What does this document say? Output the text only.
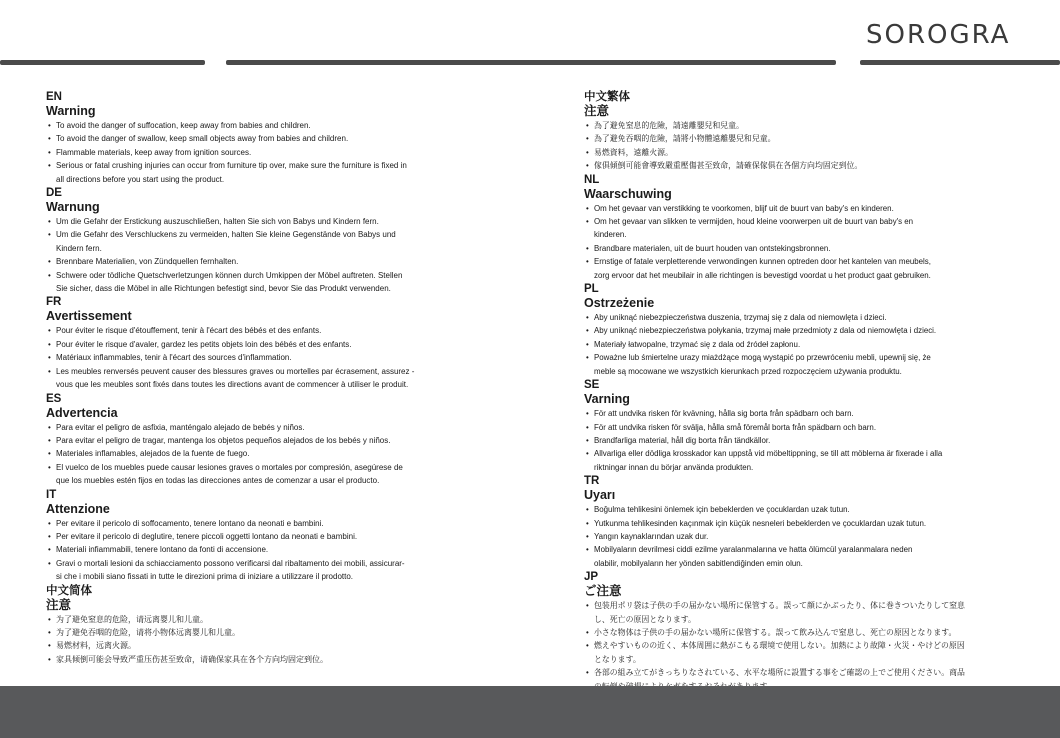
SOROGRA
EN
Warning
• To avoid the danger of suffocation, keep away from babies and children.
• To avoid the danger of swallow, keep small objects away from babies and children.
• Flammable materials, keep away from ignition sources.
• Serious or fatal crushing injuries can occur from furniture tip over, make sure the furniture is fixed in
all directions before you start using the product.
DE
Warnung
• Um die Gefahr der Erstickung auszuschließen, halten Sie sich von Babys und Kindern fern.
• Um die Gefahr des Verschluckens zu vermeiden, halten Sie kleine Gegenstände von Babys und
Kindern fern.
• Brennbare Materialien, von Zündquellen fernhalten.
• Schwere oder tödliche Quetschverletzungen können durch Umkippen der Möbel auftreten. Stellen
Sie sicher, dass die Möbel in alle Richtungen befestigt sind, bevor Sie das Produkt verwenden.
FR
Avertissement
• Pour éviter le risque d'étouffement, tenir à l'écart des bébés et des enfants.
• Pour éviter le risque d'avaler, gardez les petits objets loin des bébés et des enfants.
• Matériaux inflammables, tenir à l'écart des sources d'inflammation.
• Les meubles renversés peuvent causer des blessures graves ou mortelles par écrasement, assurez -
vous que les meubles sont fixés dans toutes les directions avant de commencer à utiliser le produit.
ES
Advertencia
• Para evitar el peligro de asfixia, manténgalo alejado de bebés y niños.
• Para evitar el peligro de tragar, mantenga los objetos pequeños alejados de los bebés y niños.
• Materiales inflamables, alejados de la fuente de fuego.
• El vuelco de los muebles puede causar lesiones graves o mortales por compresión, asegúrese de
que los muebles estén fijos en todas las direcciones antes de comenzar a usar el producto.
IT
Attenzione
• Per evitare il pericolo di soffocamento, tenere lontano da neonati e bambini.
• Per evitare il pericolo di deglutire, tenere piccoli oggetti lontano da neonati e bambini.
• Materiali infiammabili, tenere lontano da fonti di accensione.
• Gravi o mortali lesioni da schiacciamento possono verificarsi dal ribaltamento dei mobili, assicurar-
si che i mobili siano fissati in tutte le direzioni prima di iniziare a utilizzare il prodotto.
中文简体
注意
• 为了避免窒息的危险，请远离婴儿和儿童。
• 为了避免吞咽的危险，请将小物体远离婴儿和儿童。
• 易燃材料，远离火源。
• 家具倾倒可能会导致严重压伤甚至致命，请确保家具在各个方向均固定到位。
中文繁体
注意
• 為了避免窒息的危險，請遠離嬰兒和兒童。
• 為了避免吞咽的危險，請將小物體遠離嬰兒和兒童。
• 易燃資料，遠離火源。
• 傢俱傾倒可能會導致嚴重壓傷甚至致命，請確保傢俱在各個方向均固定到位。
NL
Waarschuwing
• Om het gevaar van verstikking te voorkomen, blijf uit de buurt van baby's en kinderen.
• Om het gevaar van slikken te vermijden, houd kleine voorwerpen uit de buurt van baby's en
kinderen.
• Brandbare materialen, uit de buurt houden van ontstekingsbronnen.
• Ernstige of fatale verpletterende verwondingen kunnen optreden door het kantelen van meubels,
zorg ervoor dat het meubilair in alle richtingen is bevestigd voordat u het product gaat gebruiken.
PL
Ostrzeżenie
• Aby uniknąć niebezpieczeństwa duszenia, trzymaj się z dala od niemowlęta i dzieci.
• Aby uniknąć niebezpieczeństwa połykania, trzymaj małe przedmioty z dala od niemowlęta i dzieci.
• Materiały łatwopalne, trzymać się z dala od źródeł zapłonu.
• Poważne lub śmiertelne urazy miażdżące mogą wystąpić po przewróceniu mebli, upewnij się, że
meble są mocowane we wszystkich kierunkach przed rozpoczęciem używania produktu.
SE
Varning
• För att undvika risken för kvävning, hålla sig borta från spädbarn och barn.
• För att undvika risken för svälja, hålla små föremål borta från spädbarn och barn.
• Brandfarliga material, håll dig borta från tändkällor.
• Allvarliga eller dödliga krosskador kan uppstå vid möbeltippning, se till att möblerna är fixerade i alla
riktningar innan du börjar använda produkten.
TR
Uyarı
• Boğulma tehlikesini önlemek için bebeklerden ve çocuklardan uzak tutun.
• Yutkunma tehlikesinden kaçınmak için küçük nesneleri bebeklerden ve çocuklardan uzak tutun.
• Yangın kaynaklarından uzak dur.
• Mobilyaların devrilmesi ciddi ezilme yaralanmalarına ve hatta ölümcül yaralanmalara neden
olabilir, mobilyaların her yönden sabitlendiğinden emin olun.
JP
ご注意
• 包装用ポリ袋は子供の手の届かない場所に保管する。誤って顔にかぶったり、体に巻きついたりして窒息
し、死亡の原因となります。
• 小さな物体は子供の手の届かない場所に保管する。誤って飲み込んで窒息し、死亡の原因となります。
• 燃えやすいものの近く、本体周囲に熱がこもる環境で使用しない。加熱により故障・火災・やけどの原因
となります。
• 各部の組み立てがきっちりなされている、水平な場所に設置する事をご確認の上でご使用ください。商品
